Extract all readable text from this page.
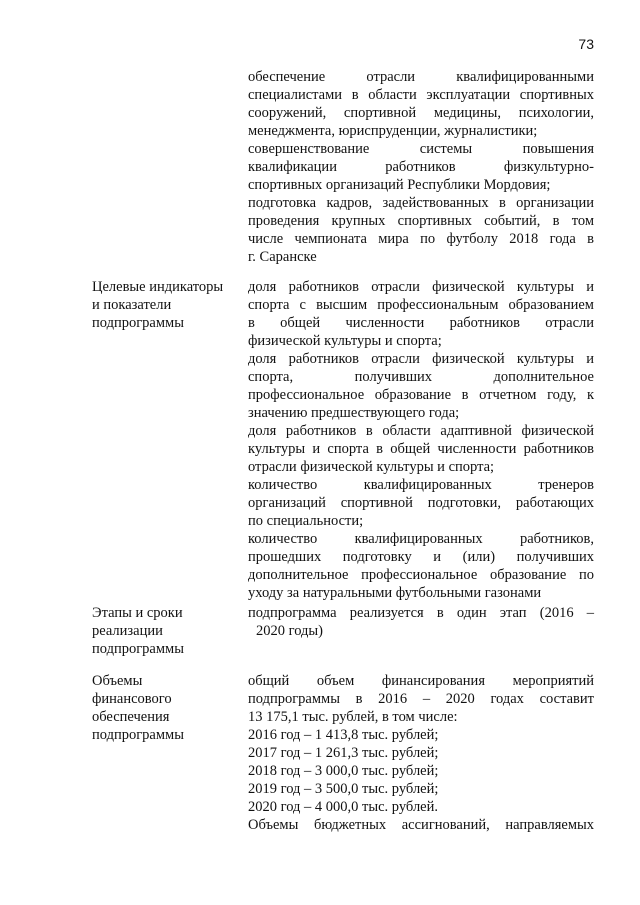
73
обеспечение отрасли квалифицированными
специалистами в области эксплуатации спортивных
сооружений, спортивной медицины, психологии,
менеджмента, юриспруденции, журналистики;
совершенствование системы повышения
квалификации работников физкультурно-
спортивных организаций Республики Мордовия;
подготовка кадров, задействованных в организации
проведения крупных спортивных событий, в том
числе чемпионата мира по футболу 2018 года в
г. Саранске
Целевые индикаторы
и показатели
подпрограммы
доля работников отрасли физической культуры и
спорта с высшим профессиональным образованием
в общей численности работников отрасли
физической культуры и спорта;
доля работников отрасли физической культуры и
спорта, получивших дополнительное
профессиональное образование в отчетном году, к
значению предшествующего года;
доля работников в области адаптивной физической
культуры и спорта в общей численности работников
отрасли физической культуры и спорта;
количество квалифицированных тренеров
организаций спортивной подготовки, работающих
по специальности;
количество квалифицированных работников,
прошедших подготовку и (или) получивших
дополнительное профессиональное образование по
уходу за натуральными футбольными газонами
Этапы и сроки
реализации
подпрограммы
подпрограмма реализуется в один этап (2016 –
2020 годы)
Объемы
финансового
обеспечения
подпрограммы
общий объем финансирования мероприятий
подпрограммы в 2016 – 2020 годах составит
13 175,1 тыс. рублей, в том числе:
2016 год – 1 413,8 тыс. рублей;
2017 год – 1 261,3 тыс. рублей;
2018 год – 3 000,0 тыс. рублей;
2019 год – 3 500,0 тыс. рублей;
2020 год – 4 000,0 тыс. рублей.
Объемы бюджетных ассигнований, направляемых
